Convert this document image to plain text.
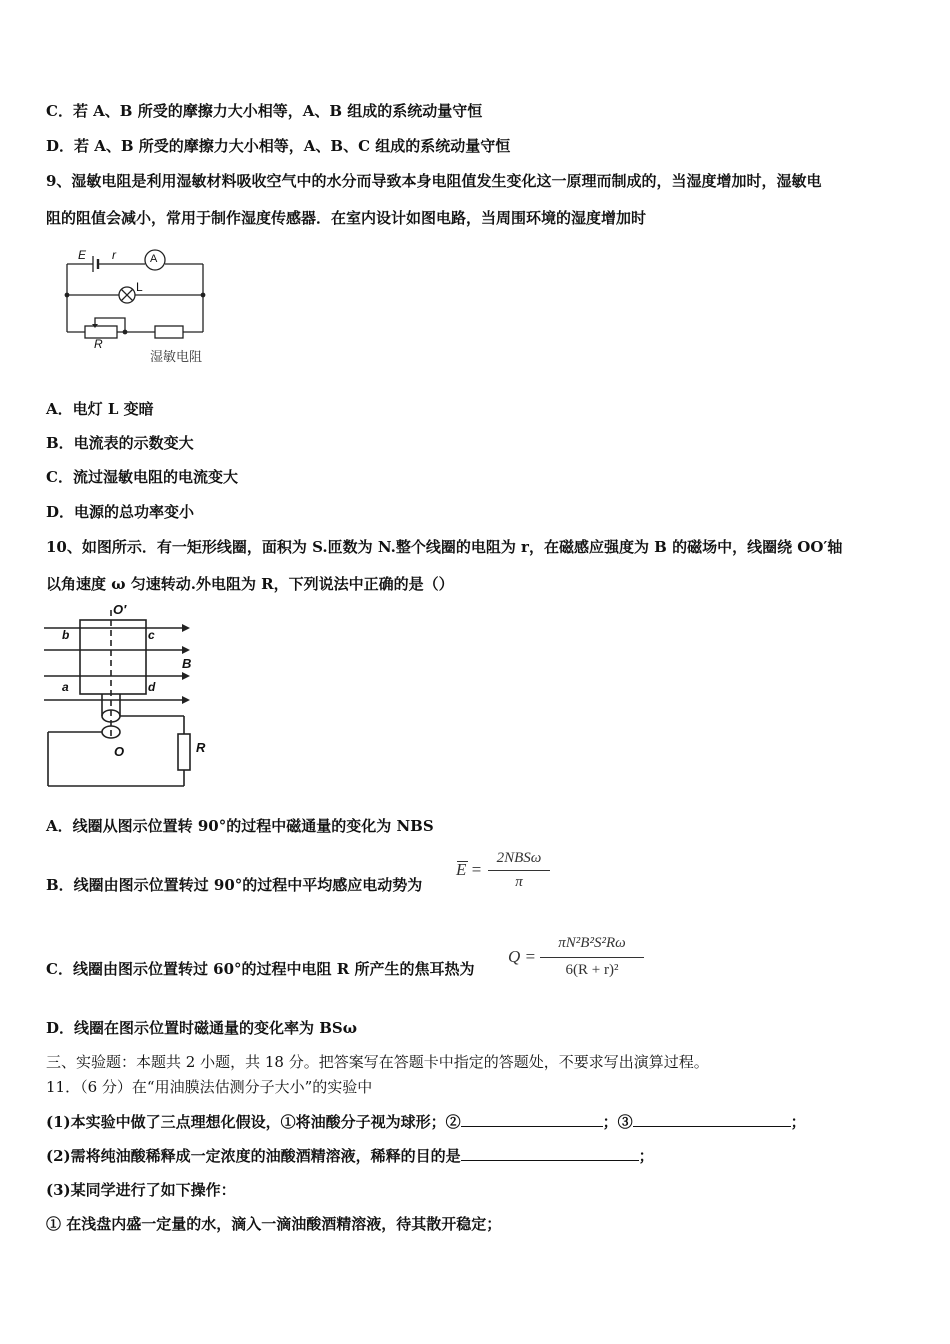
C．若 A、B 所受的摩擦力大小相等，A、B 组成的系统动量守恒
D．若 A、B 所受的摩擦力大小相等，A、B、C 组成的系统动量守恒
9、湿敏电阻是利用湿敏材料吸收空气中的水分而导致本身电阻值发生变化这一原理而制成的，当湿度增加时，湿敏电
阻的阻值会减小，常用于制作湿度传感器．在室内设计如图电路，当周围环境的湿度增加时
E r	A
L
R
湿敏电阻
A．电灯 L 变暗
B．电流表的示数变大
C．流过湿敏电阻的电流变大
D．电源的总功率变小
10、如图所示．有一矩形线圈，面积为 S.匝数为 N.整个线圈的电阻为 r，在磁感应强度为 B 的磁场中，线圈绕 OO′轴
以角速度 ω 匀速转动.外电阻为 R，下列说法中正确的是（）
O′
b	c
B
a	d
O	R
A．线圈从图示位置转 90°的过程中磁通量的变化为 NBS
B．线圈由图示位置转过 90°的过程中平均感应电动势为
E =
2NBSω
π
C．线圈由图示位置转过 60°的过程中电阻 R 所产生的焦耳热为
Q =
πN²B²S²Rω
6(R + r)²
D．线圈在图示位置时磁通量的变化率为 BSω
三、实验题：本题共 2 小题，共 18 分。把答案写在答题卡中指定的答题处，不要求写出演算过程。
11．（6 分）在“用油膜法估测分子大小”的实验中
(1)本实验中做了三点理想化假设，①将油酸分子视为球形；②	；③	；
(2)需将纯油酸稀释成一定浓度的油酸酒精溶液，稀释的目的是	；
(3)某同学进行了如下操作：
① 在浅盘内盛一定量的水，滴入一滴油酸酒精溶液，待其散开稳定；
